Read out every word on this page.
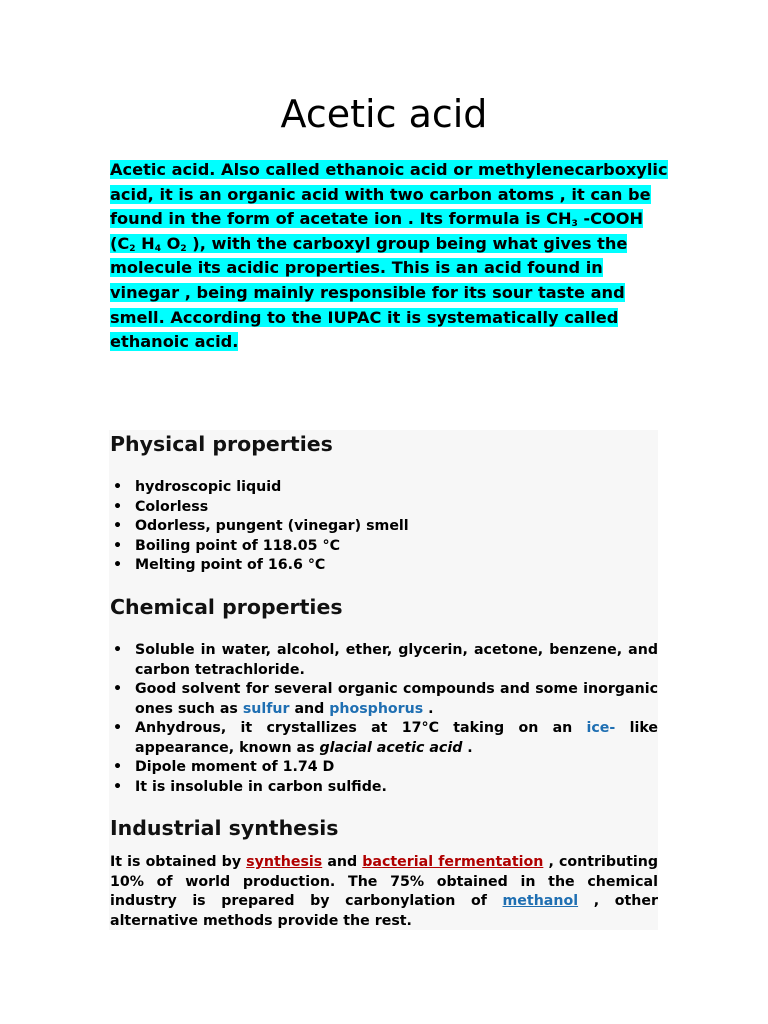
Acetic acid

Acetic acid. Also called ethanoic acid or methylenecarboxylic acid, it is an organic acid with two carbon atoms , it can be found in the form of acetate ion . Its formula is $CH_3$ -COOH ($C_2$ $H_4$ $O_2$ ), with the carboxyl group being what gives the molecule its acidic properties. This is an acid found in vinegar , being mainly responsible for its sour taste and smell. According to the IUPAC it is systematically called ethanoic acid.

Physical properties
• hydroscopic liquid
• Colorless
• Odorless, pungent (vinegar) smell
• Boiling point of 118.05 °C
• Melting point of 16.6 °C
Chemical properties
• Soluble in water, alcohol, ether, glycerin, acetone, benzene, and carbon tetrachloride.
• Good solvent for several organic compounds and some inorganic ones such as sulfur and phosphorus .
• Anhydrous, it crystallizes at 17°C taking on an ice- like appearance, known as glacial acetic acid .
• Dipole moment of 1.74 D
• It is insoluble in carbon sulfide.
Industrial synthesis

It is obtained by synthesis and bacterial fermentation , contributing 10% of world production. The 75% obtained in the chemical industry is prepared by carbonylation of methanol , other alternative methods provide the rest.
